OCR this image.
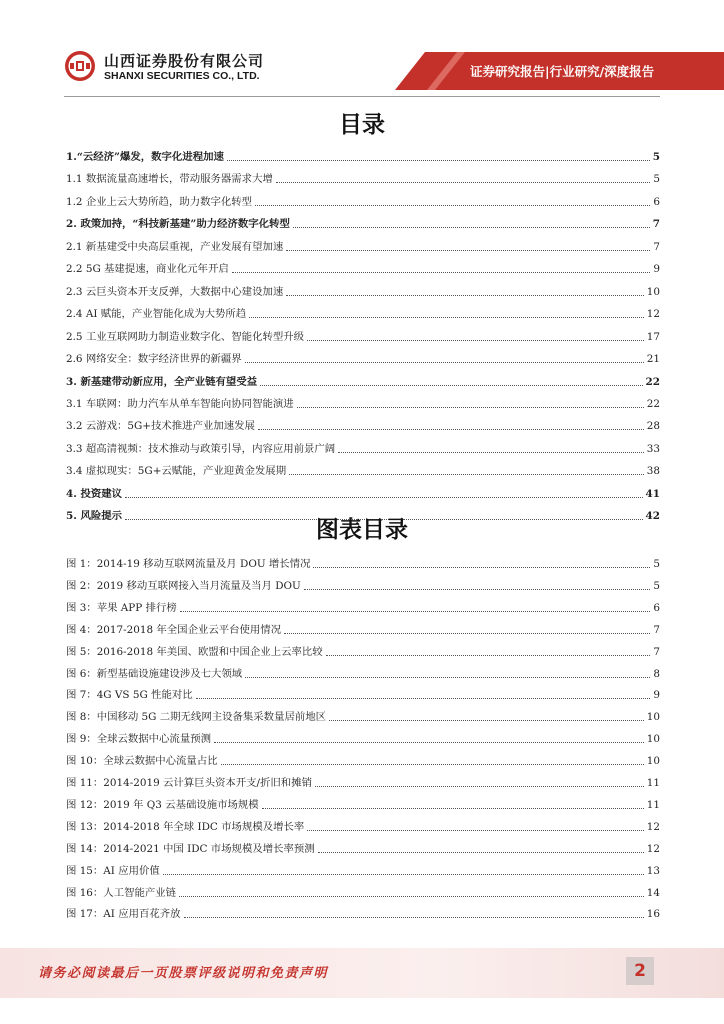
山西证券股份有限公司
SHANXI SECURITIES CO., LTD.	证券研究报告|行业研究/深度报告
目录
1.“云经济”爆发，数字化进程加速	5
1.1 数据流量高速增长，带动服务器需求大增	5
1.2 企业上云大势所趋，助力数字化转型	6
2. 政策加持，“科技新基建”助力经济数字化转型	7
2.1 新基建受中央高层重视，产业发展有望加速	7
2.2 5G 基建提速，商业化元年开启	9
2.3 云巨头资本开支反弹，大数据中心建设加速	10
2.4 AI 赋能，产业智能化成为大势所趋	12
2.5 工业互联网助力制造业数字化、智能化转型升级	17
2.6 网络安全：数字经济世界的新疆界	21
3. 新基建带动新应用，全产业链有望受益	22
3.1 车联网：助力汽车从单车智能向协同智能演进	22
3.2 云游戏：5G+技术推进产业加速发展	28
3.3 超高清视频：技术推动与政策引导，内容应用前景广阔	33
3.4 虚拟现实：5G+云赋能，产业迎黄金发展期	38
4. 投资建议	41
5. 风险提示	42
图表目录
图 1：2014-19 移动互联网流量及月 DOU 增长情况	5
图 2：2019 移动互联网接入当月流量及当月 DOU	5
图 3：苹果 APP 排行榜	6
图 4：2017-2018 年全国企业云平台使用情况	7
图 5：2016-2018 年美国、欧盟和中国企业上云率比较	7
图 6：新型基础设施建设涉及七大领域	8
图 7：4G VS 5G 性能对比	9
图 8：中国移动 5G 二期无线网主设备集采数量居前地区	10
图 9：全球云数据中心流量预测	10
图 10：全球云数据中心流量占比	10
图 11：2014-2019 云计算巨头资本开支/折旧和摊销	11
图 12：2019 年 Q3 云基础设施市场规模	11
图 13：2014-2018 年全球 IDC 市场规模及增长率	12
图 14：2014-2021 中国 IDC 市场规模及增长率预测	12
图 15：AI 应用价值	13
图 16：人工智能产业链	14
图 17：AI 应用百花齐放	16
请务必阅读最后一页股票评级说明和免责声明	2
